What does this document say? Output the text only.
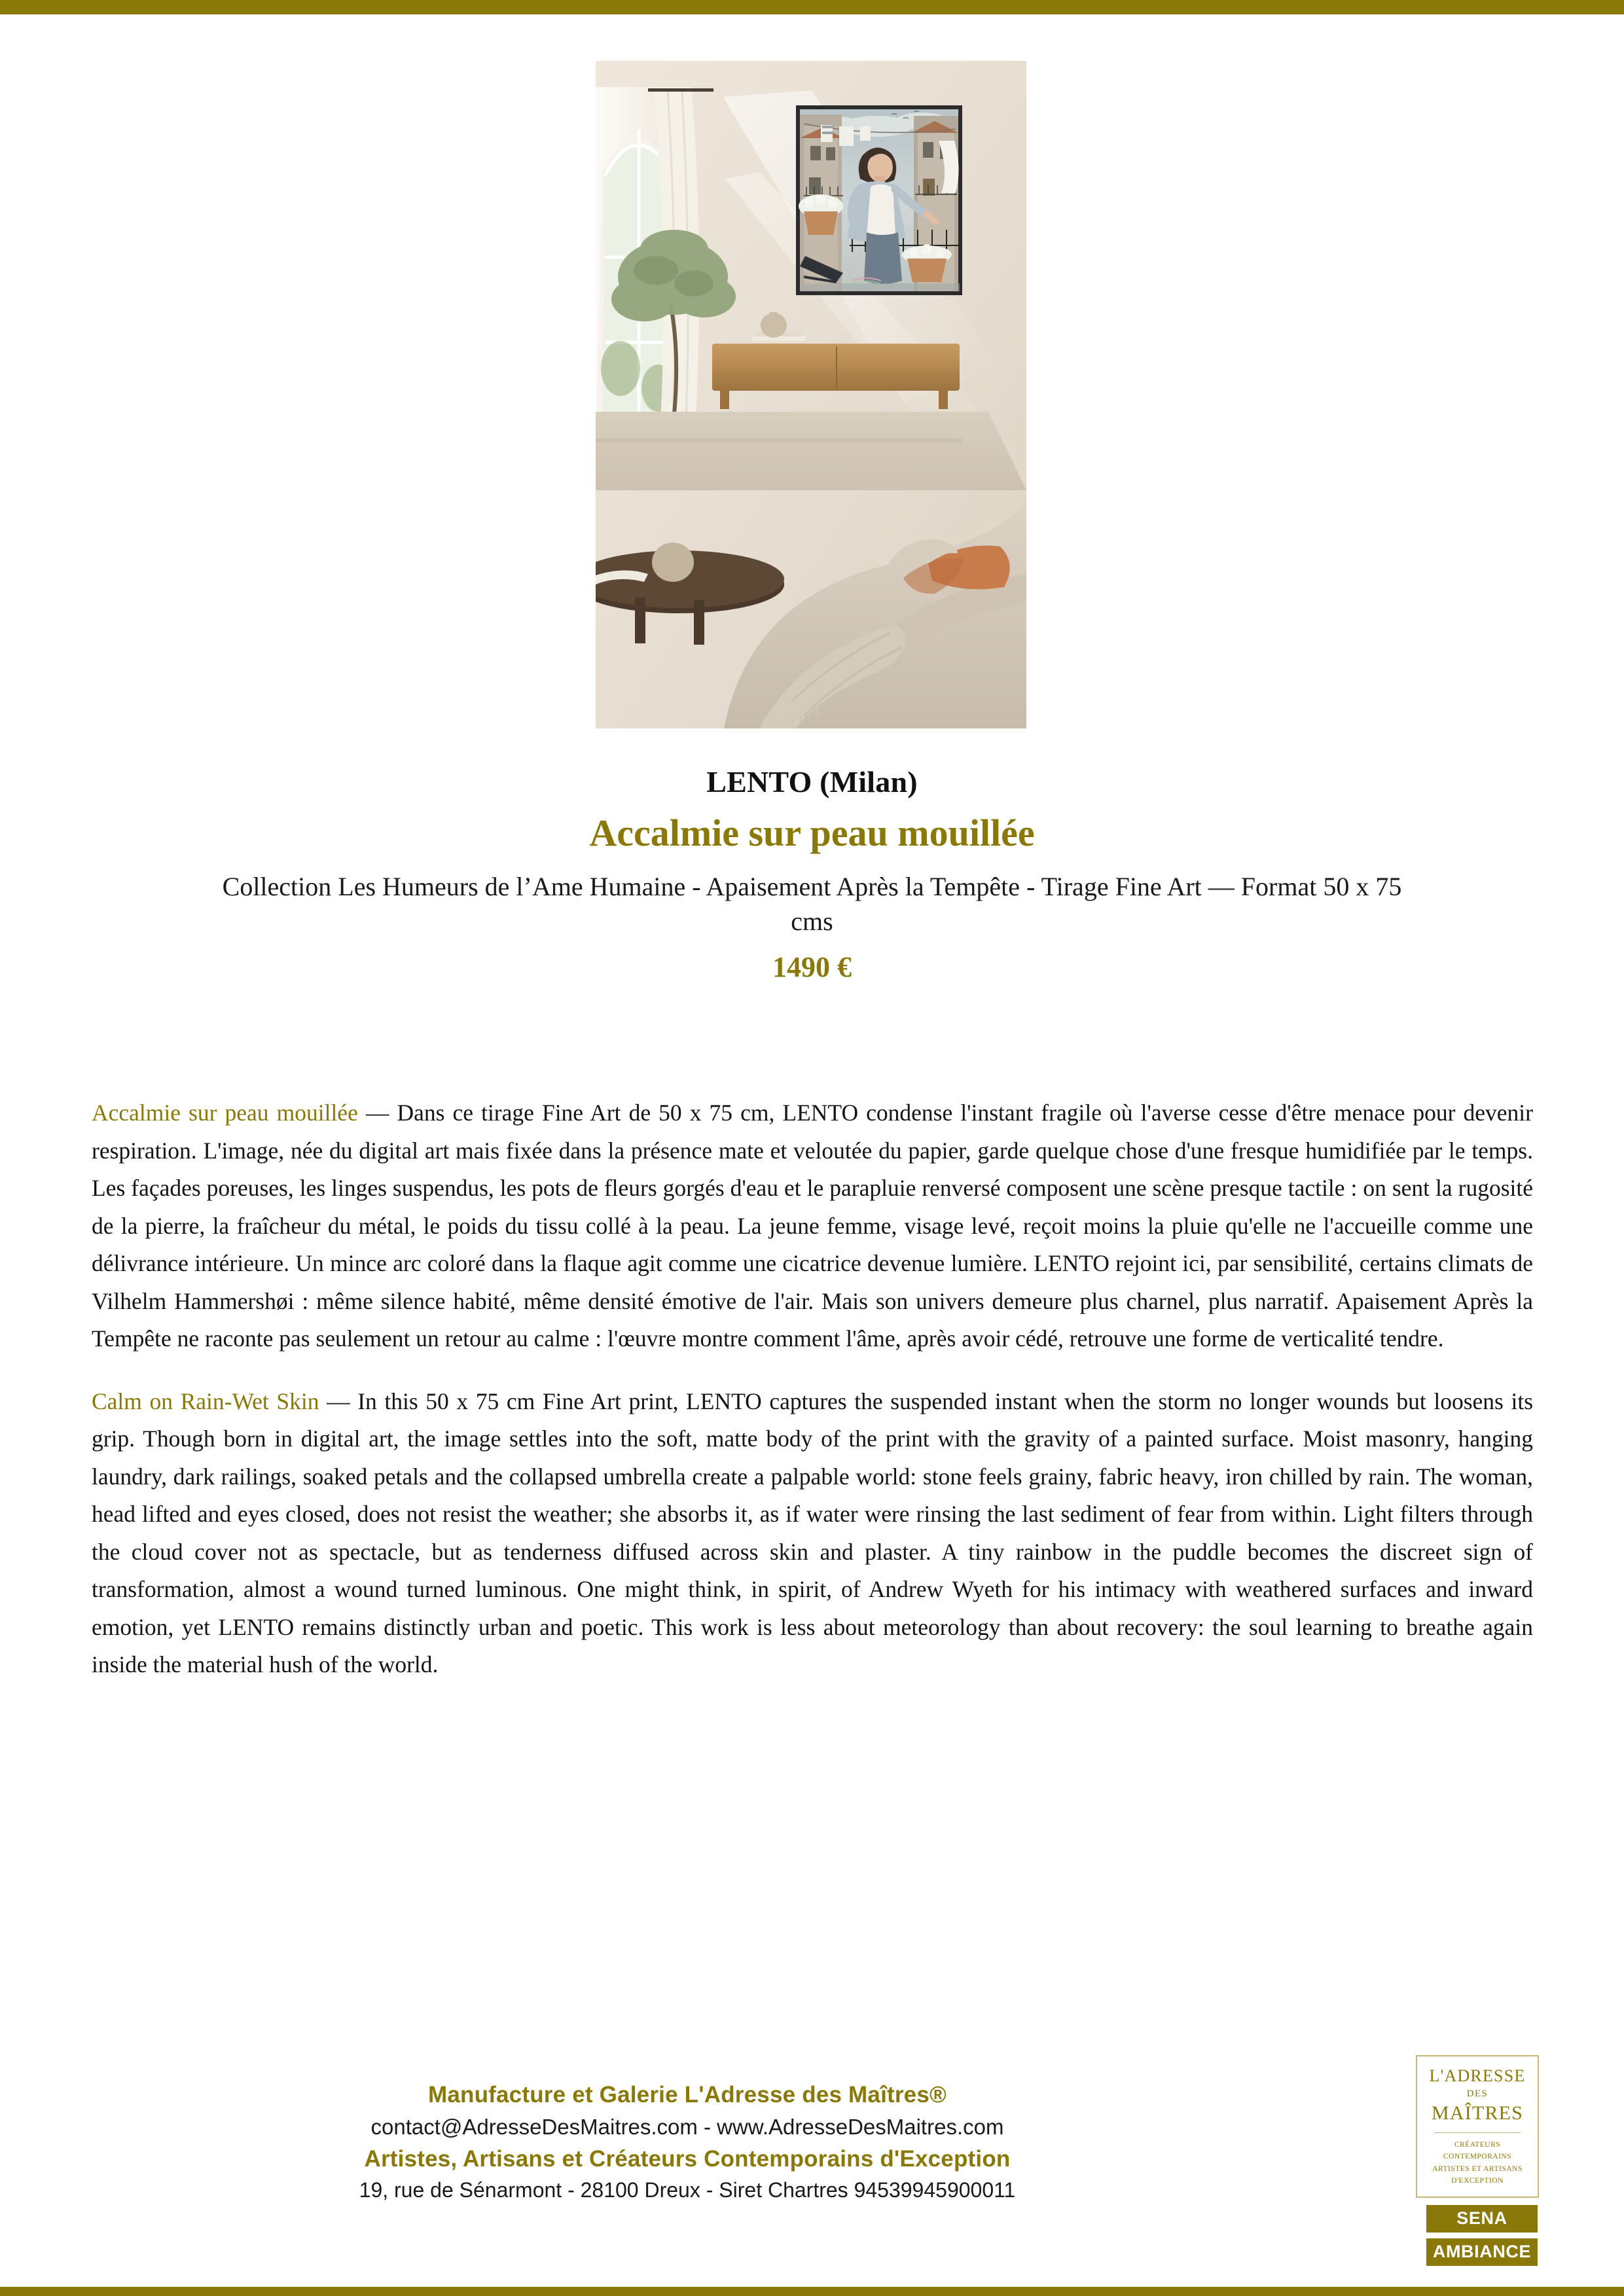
LENTO (Milan)
Accalmie sur peau mouillée
Collection Les Humeurs de l’Ame Humaine - Apaisement Après la Tempête - Tirage Fine Art — Format 50 x 75 cms
1490 €

Accalmie sur peau mouillée — Dans ce tirage Fine Art de 50 x 75 cm, LENTO condense l'instant fragile où l'averse cesse d'être menace pour devenir respiration. L'image, née du digital art mais fixée dans la présence mate et veloutée du papier, garde quelque chose d'une fresque humidifiée par le temps. Les façades poreuses, les linges suspendus, les pots de fleurs gorgés d'eau et le parapluie renversé composent une scène presque tactile : on sent la rugosité de la pierre, la fraîcheur du métal, le poids du tissu collé à la peau. La jeune femme, visage levé, reçoit moins la pluie qu'elle ne l'accueille comme une délivrance intérieure. Un mince arc coloré dans la flaque agit comme une cicatrice devenue lumière. LENTO rejoint ici, par sensibilité, certains climats de Vilhelm Hammershøi : même silence habité, même densité émotive de l'air. Mais son univers demeure plus charnel, plus narratif. Apaisement Après la Tempête ne raconte pas seulement un retour au calme : l'œuvre montre comment l'âme, après avoir cédé, retrouve une forme de verticalité tendre.

Calm on Rain-Wet Skin — In this 50 x 75 cm Fine Art print, LENTO captures the suspended instant when the storm no longer wounds but loosens its grip. Though born in digital art, the image settles into the soft, matte body of the print with the gravity of a painted surface. Moist masonry, hanging laundry, dark railings, soaked petals and the collapsed umbrella create a palpable world: stone feels grainy, fabric heavy, iron chilled by rain. The woman, head lifted and eyes closed, does not resist the weather; she absorbs it, as if water were rinsing the last sediment of fear from within. Light filters through the cloud cover not as spectacle, but as tenderness diffused across skin and plaster. A tiny rainbow in the puddle becomes the discreet sign of transformation, almost a wound turned luminous. One might think, in spirit, of Andrew Wyeth for his intimacy with weathered surfaces and inward emotion, yet LENTO remains distinctly urban and poetic. This work is less about meteorology than about recovery: the soul learning to breathe again inside the material hush of the world.

Manufacture et Galerie L'Adresse des Maîtres®
contact@AdresseDesMaitres.com - www.AdresseDesMaitres.com
Artistes, Artisans et Créateurs Contemporains d'Exception
19, rue de Sénarmont - 28100 Dreux - Siret Chartres 94539945900011
L'ADRESSE
DES
MAÎTRES
CRÉATEURS CONTEMPORAINS
ARTISTES ET ARTISANS
D'EXCEPTION
SENA
AMBIANCE
